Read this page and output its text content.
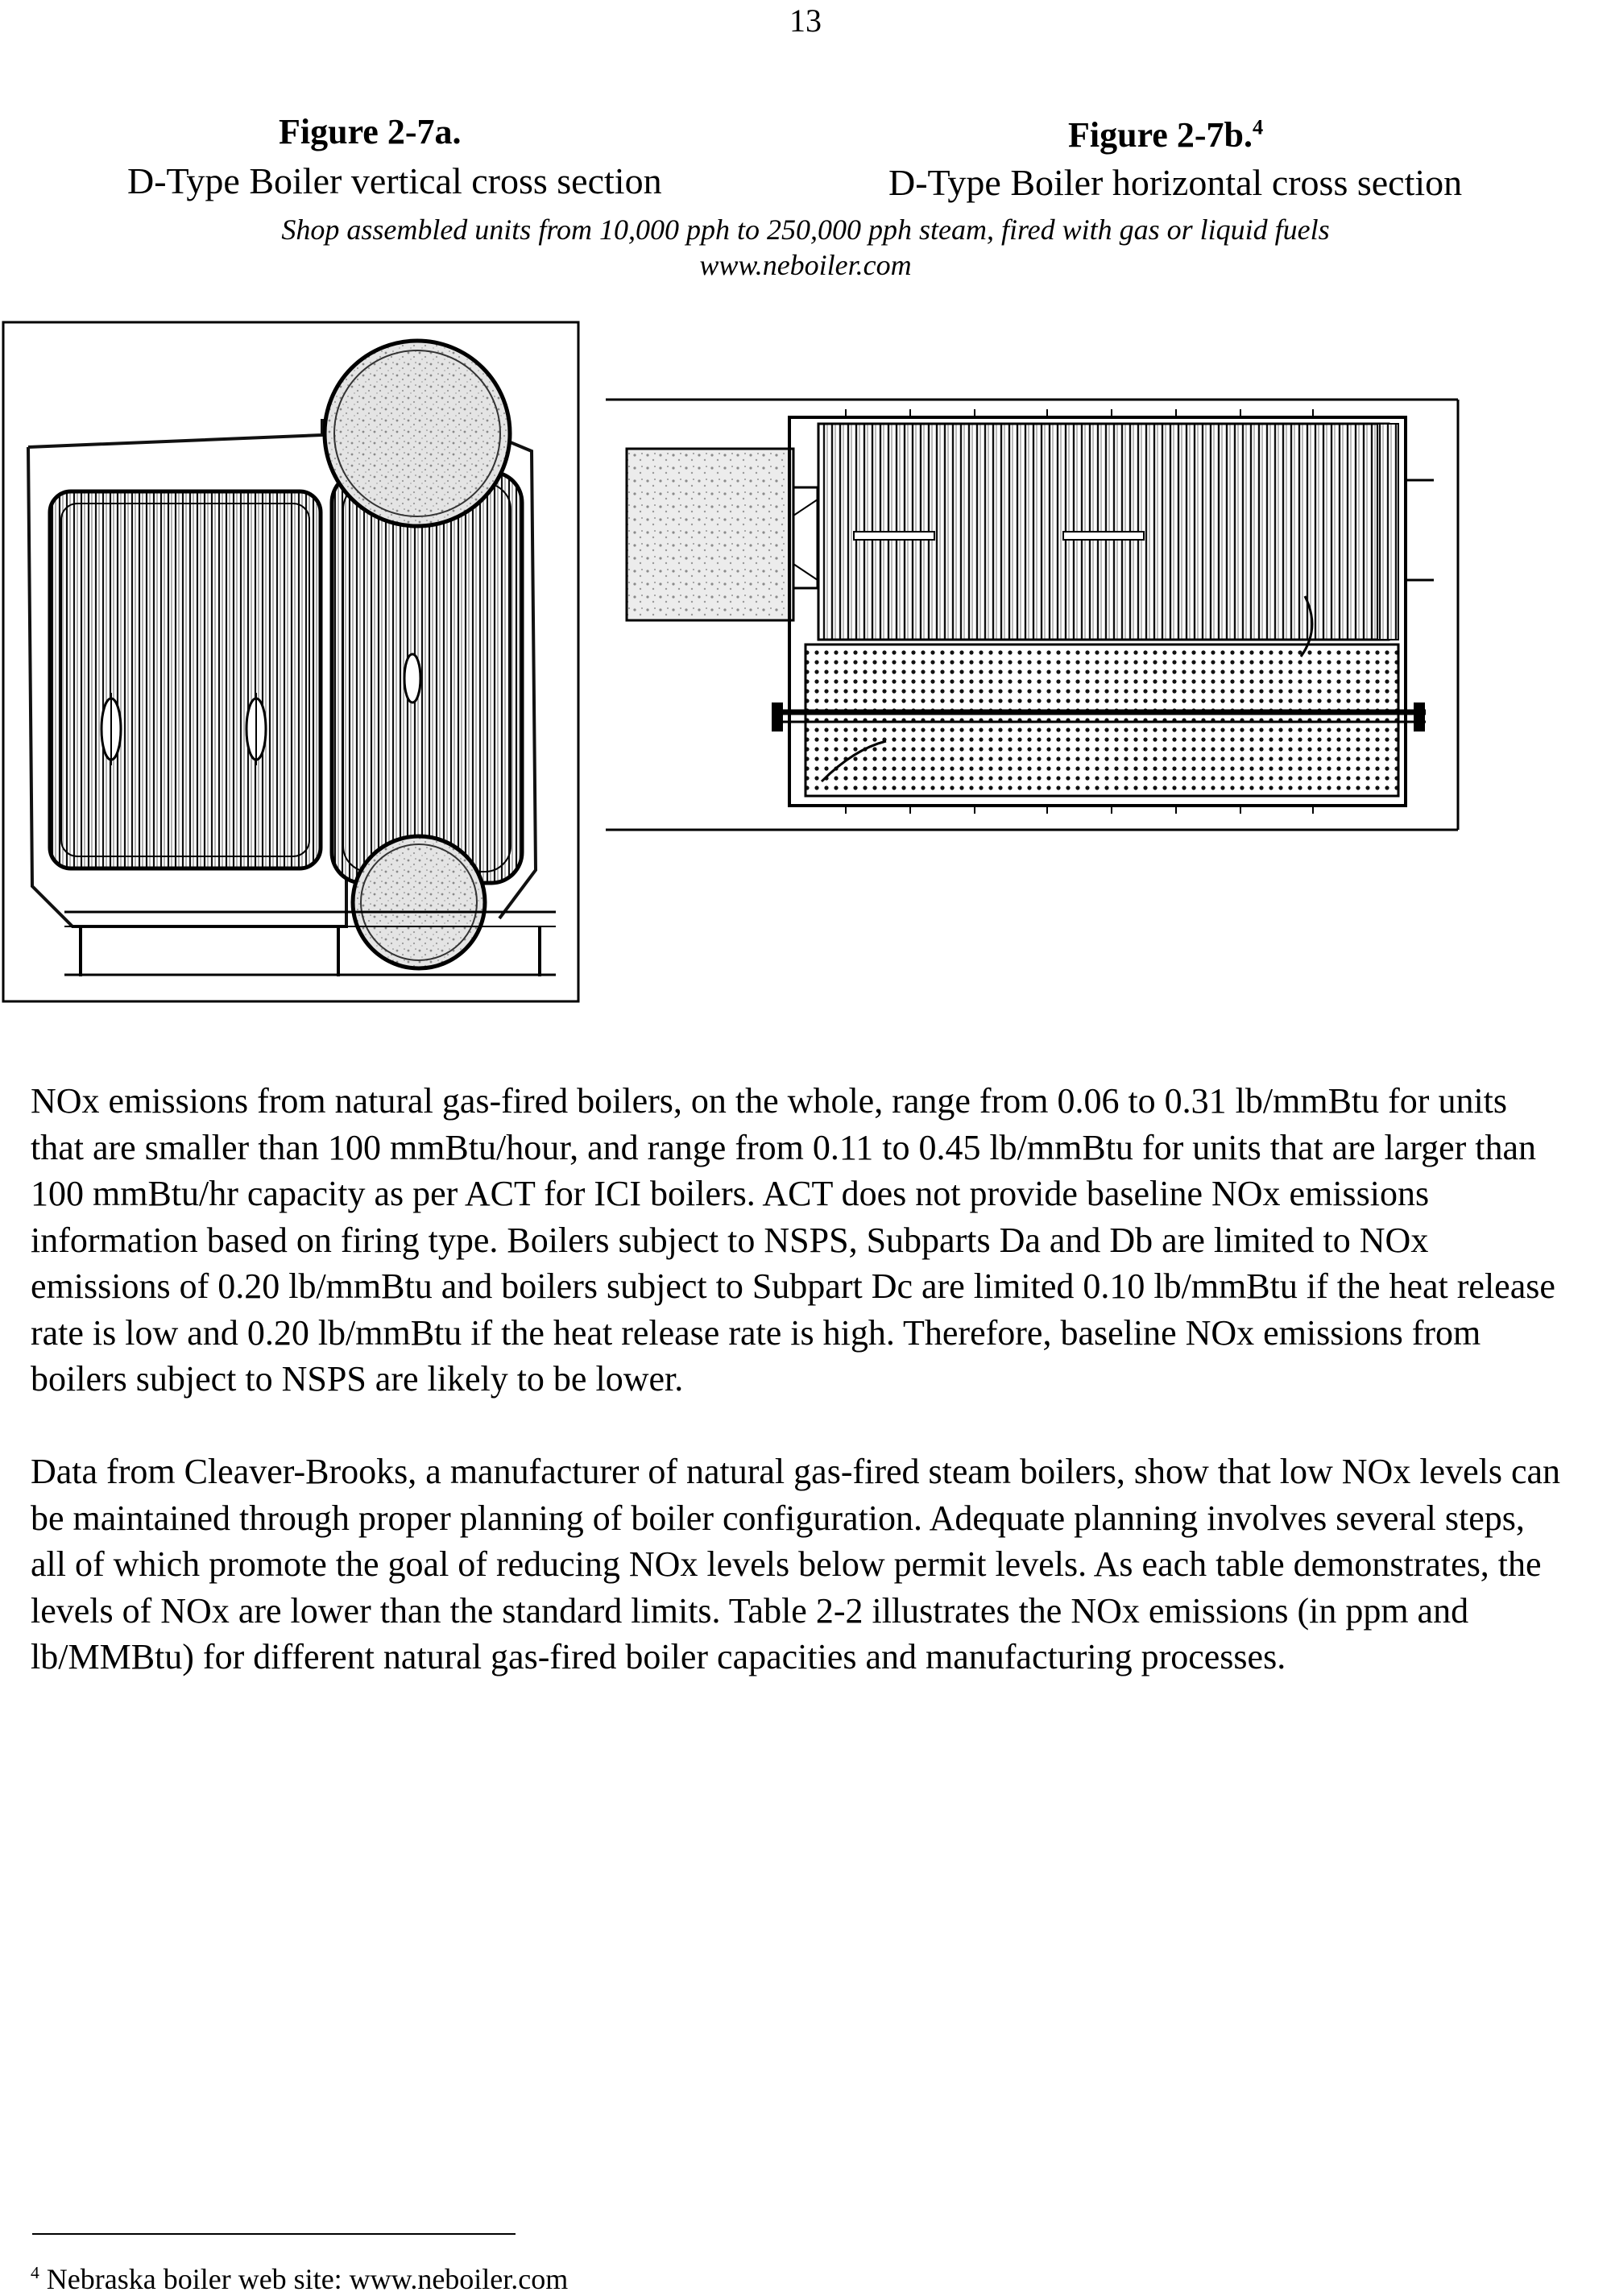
13
Figure 2-7a.	Figure 2-7b.$^4$
D-Type Boiler vertical cross section	D-Type Boiler horizontal cross section
Shop assembled units from 10,000 pph to 250,000 pph steam, fired with gas or liquid fuels
www.neboiler.com

NOx emissions from natural gas-fired boilers, on the whole, range from 0.06 to 0.31 lb/mmBtu for units that are smaller than 100 mmBtu/hour, and range from 0.11 to 0.45 lb/mmBtu for units that are larger than 100 mmBtu/hr capacity as per ACT for ICI boilers. ACT does not provide baseline NOx emissions information based on firing type. Boilers subject to NSPS, Subparts Da and Db are limited to NOx emissions of 0.20 lb/mmBtu and boilers subject to Subpart Dc are limited 0.10 lb/mmBtu if the heat release rate is low and 0.20 lb/mmBtu if the heat release rate is high. Therefore, baseline NOx emissions from boilers subject to NSPS are likely to be lower.

Data from Cleaver-Brooks, a manufacturer of natural gas-fired steam boilers, show that low NOx levels can be maintained through proper planning of boiler configuration. Adequate planning involves several steps, all of which promote the goal of reducing NOx levels below permit levels. As each table demonstrates, the levels of NOx are lower than the standard limits. Table 2-2 illustrates the NOx emissions (in ppm and lb/MMBtu) for different natural gas-fired boiler capacities and manufacturing processes.

$^4$ Nebraska boiler web site: www.neboiler.com
